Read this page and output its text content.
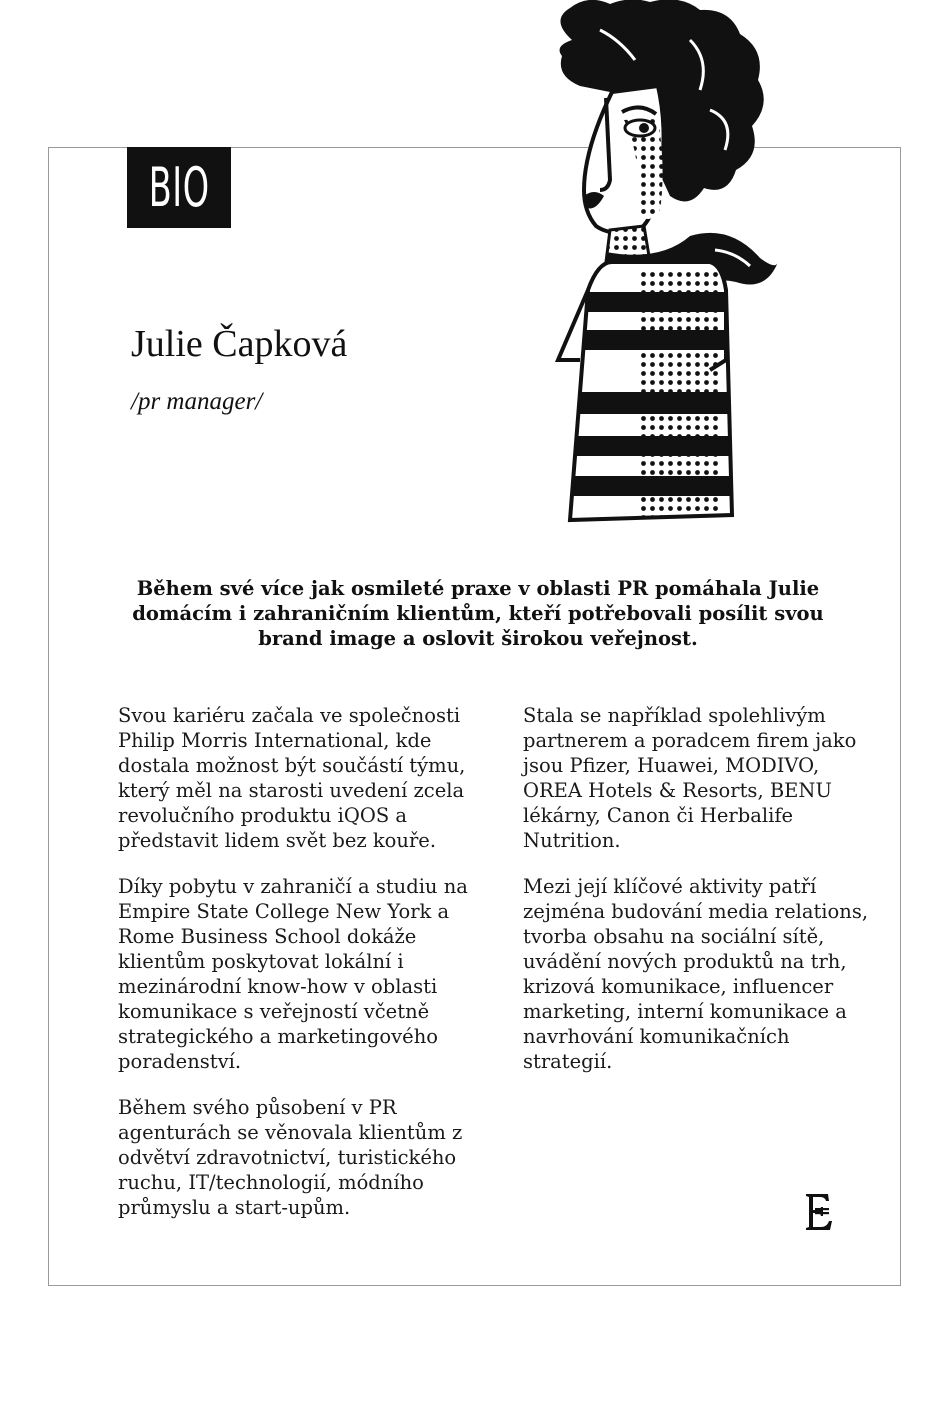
BIO
Julie Čapková

/pr manager/

Během své více jak osmileté praxe v oblasti PR pomáhala Julie domácím i zahraničním klientům, kteří potřebovali posílit svou brand image a oslovit širokou veřejnost.

Svou kariéru začala ve společnosti Philip Morris International, kde dostala možnost být součástí týmu, který měl na starosti uvedení zcela revolučního produktu iQOS a představit lidem svět bez kouře.

Díky pobytu v zahraničí a studiu na Empire State College New York a Rome Business School dokáže klientům poskytovat lokální i mezinárodní know-how v oblasti komunikace s veřejností včetně strategického a marketingového poradenství.

Během svého působení v PR agenturách se věnovala klientům z odvětví zdravotnictví, turistického ruchu, IT/technologií, módního průmyslu a start-upům.

Stala se například spolehlivým partnerem a poradcem firem jako jsou Pfizer, Huawei, MODIVO, OREA Hotels & Resorts, BENU lékárny, Canon či Herbalife Nutrition.

Mezi její klíčové aktivity patří zejména budování media relations, tvorba obsahu na sociální sítě, uvádění nových produktů na trh, krizová komunikace, influencer marketing, interní komunikace a navrhování komunikačních strategií.
